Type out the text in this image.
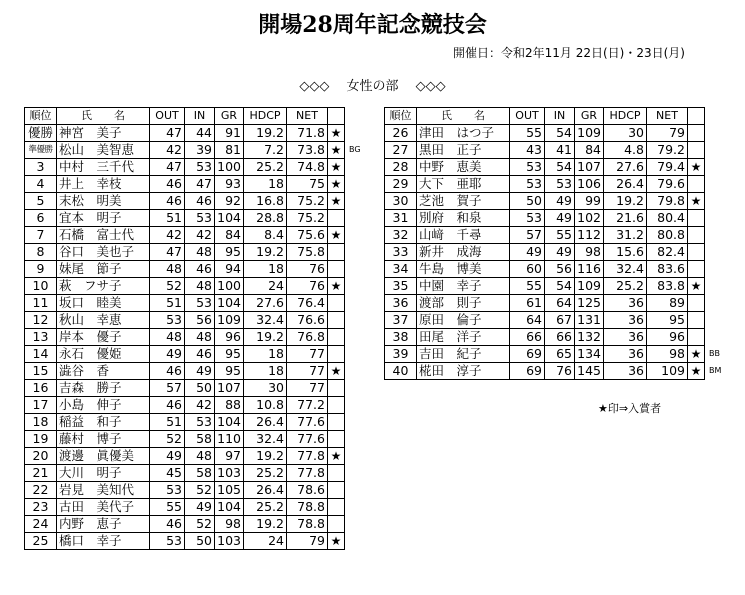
開場28周年記念競技会
開催日：令和2年11月 22日(日)・23日(月)
◇◇◇　 女性の部　 ◇◇◇
順位	氏　　名	OUT	IN	GR	HDCP	NET		
優勝	神宮　美子	47	44	91	19.2	71.8	★	
準優勝	松山　美智恵	42	39	81	7.2	73.8	★	BG
3	中村　三千代	47	53	100	25.2	74.8	★	
4	井上　幸枝	46	47	93	18	75	★	
5	末松　明美	46	46	92	16.8	75.2	★	
6	宜本　明子	51	53	104	28.8	75.2		
7	石橋　富士代	42	42	84	8.4	75.6	★	
8	谷口　美也子	47	48	95	19.2	75.8		
9	妹尾　節子	48	46	94	18	76		
10	萩　フサ子	52	48	100	24	76	★	
11	坂口　睦美	51	53	104	27.6	76.4		
12	秋山　幸恵	53	56	109	32.4	76.6		
13	岸本　優子	48	48	96	19.2	76.8		
14	永石　優姫	49	46	95	18	77		
15	澁谷　香	46	49	95	18	77	★	
16	吉森　勝子	57	50	107	30	77		
17	小島　伸子	46	42	88	10.8	77.2		
18	稲益　和子	51	53	104	26.4	77.6		
19	藤村　博子	52	58	110	32.4	77.6		
20	渡邊　眞優美	49	48	97	19.2	77.8	★	
21	大川　明子	45	58	103	25.2	77.8		
22	岩見　美知代	53	52	105	26.4	78.6		
23	古田　美代子	55	49	104	25.2	78.8		
24	内野　恵子	46	52	98	19.2	78.8		
25	橋口　幸子	53	50	103	24	79	★	
順位	氏　　名	OUT	IN	GR	HDCP	NET		
26	津田　はつ子	55	54	109	30	79		
27	黒田　正子	43	41	84	4.8	79.2		
28	中野　恵美	53	54	107	27.6	79.4	★	
29	大下　亜耶	53	53	106	26.4	79.6		
30	芝池　賀子	50	49	99	19.2	79.8	★	
31	別府　和泉	53	49	102	21.6	80.4		
32	山﨑　千尋	57	55	112	31.2	80.8		
33	新井　成海	49	49	98	15.6	82.4		
34	牛島　博美	60	56	116	32.4	83.6		
35	中園　幸子	55	54	109	25.2	83.8	★	
36	渡部　則子	61	64	125	36	89		
37	原田　倫子	64	67	131	36	95		
38	田尾　洋子	66	66	132	36	96		
39	吉田　紀子	69	65	134	36	98	★	BB
40	椛田　淳子	69	76	145	36	109	★	BM
★印⇒入賞者
